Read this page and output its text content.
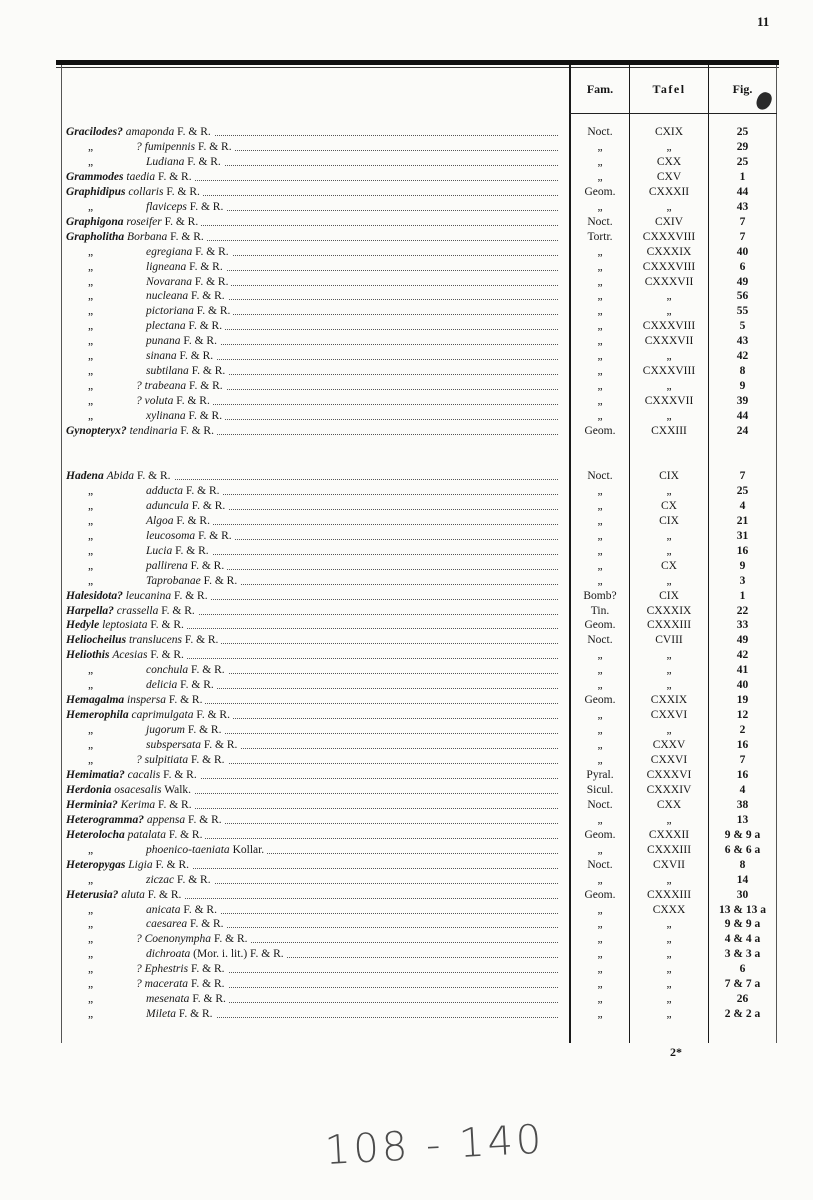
11
Fam.	Tafel	Fig.
Gracilodes? amaponda F. & R.	Noct.	CXIX	25
„	? fumipennis F. & R.	„	„	29
„	Ludiana F. & R.	„	CXX	25
Grammodes taedia F. & R.	„	CXV	1
Graphidipus collaris F. & R.	Geom.	CXXXII	44
„	flaviceps F. & R.	„	„	43
Graphigona roseifer F. & R.	Noct.	CXIV	7
Grapholitha Borbana F. & R.	Tortr.	CXXXVIII	7
„	egregiana F. & R.	„	CXXXIX	40
„	ligneana F. & R.	„	CXXXVIII	6
„	Novarana F. & R.	„	CXXXVII	49
„	nucleana F. & R.	„	„	56
„	pictoriana F. & R.	„	„	55
„	plectana F. & R.	„	CXXXVIII	5
„	punana F. & R.	„	CXXXVII	43
„	sinana F. & R.	„	„	42
„	subtilana F. & R.	„	CXXXVIII	8
„	? trabeana F. & R.	„	„	9
„	? voluta F. & R.	„	CXXXVII	39
„	xylinana F. & R.	„	„	44
Gynopteryx? tendinaria F. & R.	Geom.	CXXIII	24
Hadena Abida F. & R.	Noct.	CIX	7
„	adducta F. & R.	„	„	25
„	aduncula F. & R.	„	CX	4
„	Algoa F. & R.	„	CIX	21
„	leucosoma F. & R.	„	„	31
„	Lucia F. & R.	„	„	16
„	pallirena F. & R.	„	CX	9
„	Taprobanae F. & R.	„	„	3
Halesidota? leucanina F. & R.	Bomb?	CIX	1
Harpella? crassella F. & R.	Tin.	CXXXIX	22
Hedyle leptosiata F. & R.	Geom.	CXXXIII	33
Heliocheilus translucens F. & R.	Noct.	CVIII	49
Heliothis Acesias F. & R.	„	„	42
„	conchula F. & R.	„	„	41
„	delicia F. & R.	„	„	40
Hemagalma inspersa F. & R.	Geom.	CXXIX	19
Hemerophila caprimulgata F. & R.	„	CXXVI	12
„	jugorum F. & R.	„	„	2
„	subspersata F. & R.	„	CXXV	16
„	? sulpitiata F. & R.	„	CXXVI	7
Hemimatia? cacalis F. & R.	Pyral.	CXXXVI	16
Herdonia osacesalis Walk.	Sicul.	CXXXIV	4
Herminia? Kerima F. & R.	Noct.	CXX	38
Heterogramma? appensa F. & R.	„	„	13
Heterolocha patalata F. & R.	Geom.	CXXXII	9 & 9 a
„	phoenico-taeniata Kollar.	„	CXXXIII	6 & 6 a
Heteropygas Ligia F. & R.	Noct.	CXVII	8
„	ziczac F. & R.	„	„	14
Heterusia? aluta F. & R.	Geom.	CXXXIII	30
„	anicata F. & R.	„	CXXX	13 & 13 a
„	caesarea F. & R.	„	„	9 & 9 a
„	? Coenonympha F. & R.	„	„	4 & 4 a
„	dichroata (Mor. i. lit.) F. & R.	„	„	3 & 3 a
„	? Ephestris F. & R.	„	„	6
„	? macerata F. & R.	„	„	7 & 7 a
„	mesenata F. & R.	„	„	26
„	Mileta F. & R.	„	„	2 & 2 a
2*
108 - 140
